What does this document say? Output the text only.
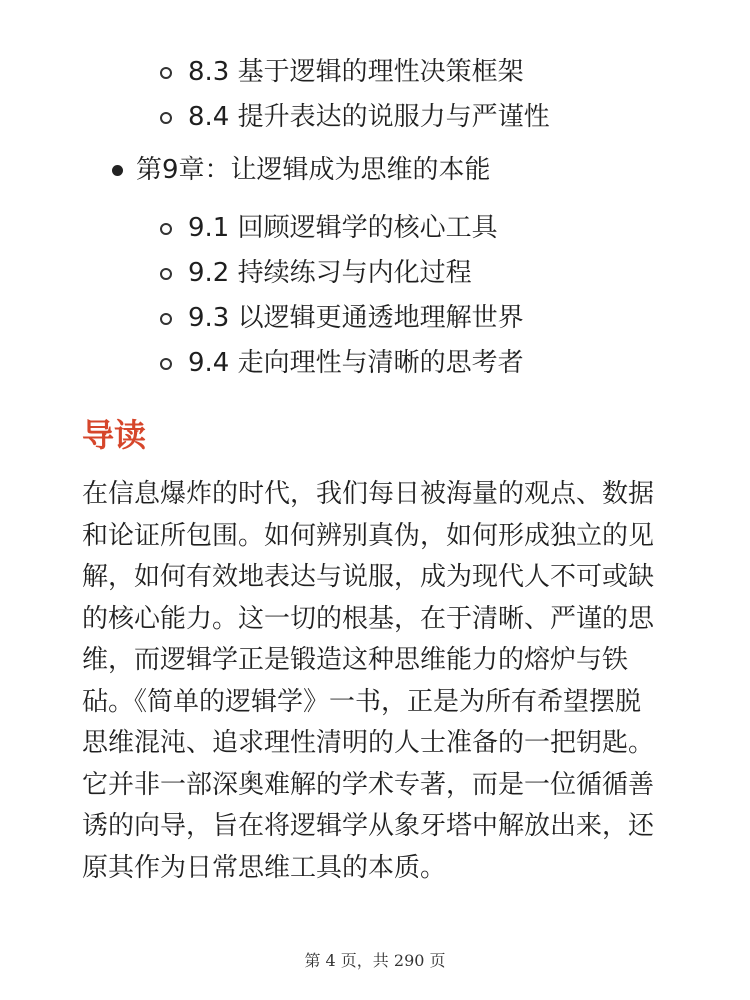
8.3 基于逻辑的理性决策框架
8.4 提升表达的说服力与严谨性
第9章：让逻辑成为思维的本能
9.1 回顾逻辑学的核心工具
9.2 持续练习与内化过程
9.3 以逻辑更通透地理解世界
9.4 走向理性与清晰的思考者
导读

在信息爆炸的时代，我们每日被海量的观点、数据
和论证所包围。如何辨别真伪，如何形成独立的见
解，如何有效地表达与说服，成为现代人不可或缺
的核心能力。这一切的根基，在于清晰、严谨的思
维，而逻辑学正是锻造这种思维能力的熔炉与铁
砧。《简单的逻辑学》一书，正是为所有希望摆脱
思维混沌、追求理性清明的人士准备的一把钥匙。
它并非一部深奥难解的学术专著，而是一位循循善
诱的向导，旨在将逻辑学从象牙塔中解放出来，还
原其作为日常思维工具的本质。

第 4 页，共 290 页
